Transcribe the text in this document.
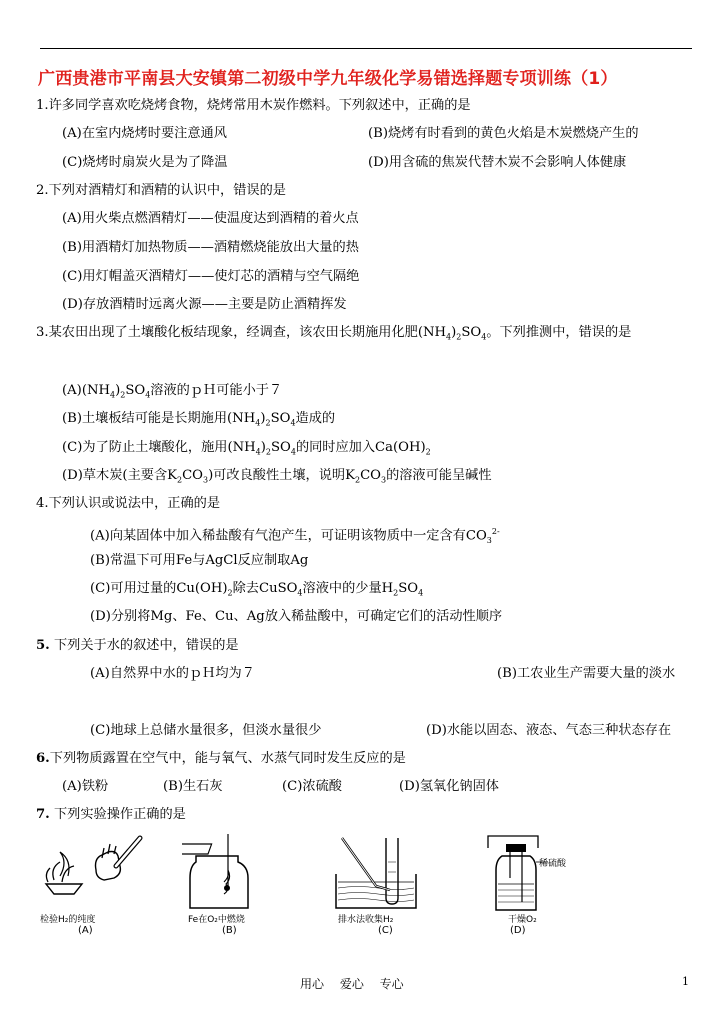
广西贵港市平南县大安镇第二初级中学九年级化学易错选择题专项训练（1）
1.许多同学喜欢吃烧烤食物，烧烤常用木炭作燃料。下列叙述中，正确的是
(A)在室内烧烤时要注意通风	(B)烧烤有时看到的黄色火焰是木炭燃烧产生的
(C)烧烤时扇炭火是为了降温	(D)用含硫的焦炭代替木炭不会影响人体健康
2.下列对酒精灯和酒精的认识中，错误的是
(A)用火柴点燃酒精灯——使温度达到酒精的着火点
(B)用酒精灯加热物质——酒精燃烧能放出大量的热
(C)用灯帽盖灭酒精灯——使灯芯的酒精与空气隔绝
(D)存放酒精时远离火源——主要是防止酒精挥发
3.某农田出现了土壤酸化板结现象，经调查，该农田长期施用化肥$(NH_4)_2SO_4$。下列推测中，错误的是
$(A)(NH_4)_2SO_4$溶液的ｐＨ可能小于７
(B)土壤板结可能是长期施用$(NH_4)_2SO_4$造成的
(C)为了防止土壤酸化，施用$(NH_4)_2SO_4$的同时应加入$Ca(OH)_2$
(D)草木炭(主要含$K_2CO_3$)可改良酸性土壤，说明$K_2CO_3$的溶液可能呈碱性
4.下列认识或说法中，正确的是
(A)向某固体中加入稀盐酸有气泡产生，可证明该物质中一定含有$CO_3^{2-}$
(B)常温下可用Fe与AgCl反应制取Ag
(C)可用过量的$Cu(OH)_2$除去CuSO$_4$溶液中的少量$H_2SO_4$
(D)分别将Mg、Fe、Cu、Ag放入稀盐酸中，可确定它们的活动性顺序
5. 下列关于水的叙述中，错误的是
(A)自然界中水的ｐＨ均为７	(B)工农业生产需要大量的淡水
(C)地球上总储水量很多，但淡水量很少	(D)水能以固态、液态、气态三种状态存在
6.下列物质露置在空气中，能与氧气、水蒸气同时发生反应的是
(A)铁粉	(B)生石灰	(C)浓硫酸	(D)氢氧化钠固体
7. 下列实验操作正确的是
检验H₂的纯度
(A)
Fe在O₂中燃烧
(B)
排水法收集H₂
(C)
稀硫酸
干燥O₂
(D)
用心 爱心 专心	1
